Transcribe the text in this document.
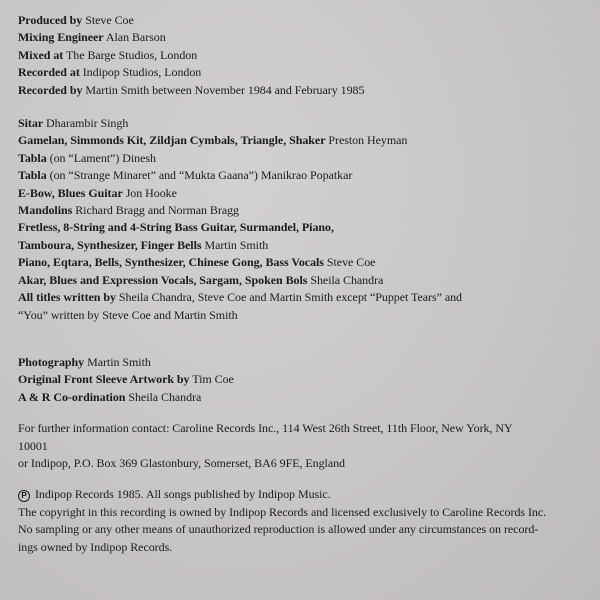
Produced by Steve Coe

Mixing Engineer Alan Barson

Mixed at The Barge Studios, London

Recorded at Indipop Studios, London

Recorded by Martin Smith between November 1984 and February 1985

Sitar Dharambir Singh

Gamelan, Simmonds Kit, Zildjan Cymbals, Triangle, Shaker Preston Heyman

Tabla (on “Lament”) Dinesh

Tabla (on “Strange Minaret” and “Mukta Gaana”) Manikrao Popatkar

E-Bow, Blues Guitar Jon Hooke

Mandolins Richard Bragg and Norman Bragg

Fretless, 8-String and 4-String Bass Guitar, Surmandel, Piano,

Tamboura, Synthesizer, Finger Bells Martin Smith

Piano, Eqtara, Bells, Synthesizer, Chinese Gong, Bass Vocals Steve Coe

Akar, Blues and Expression Vocals, Sargam, Spoken Bols Sheila Chandra

All titles written by Sheila Chandra, Steve Coe and Martin Smith except “Puppet Tears” and

“You” written by Steve Coe and Martin Smith

Photography Martin Smith

Original Front Sleeve Artwork by Tim Coe

A & R Co-ordination Sheila Chandra

For further information contact: Caroline Records Inc., 114 West 26th Street, 11th Floor, New York, NY

10001

or Indipop, P.O. Box 369 Glastonbury, Somerset, BA6 9FE, England

P Indipop Records 1985. All songs published by Indipop Music.

The copyright in this recording is owned by Indipop Records and licensed exclusively to Caroline Records Inc.

No sampling or any other means of unauthorized reproduction is allowed under any circumstances on record-

ings owned by Indipop Records.
